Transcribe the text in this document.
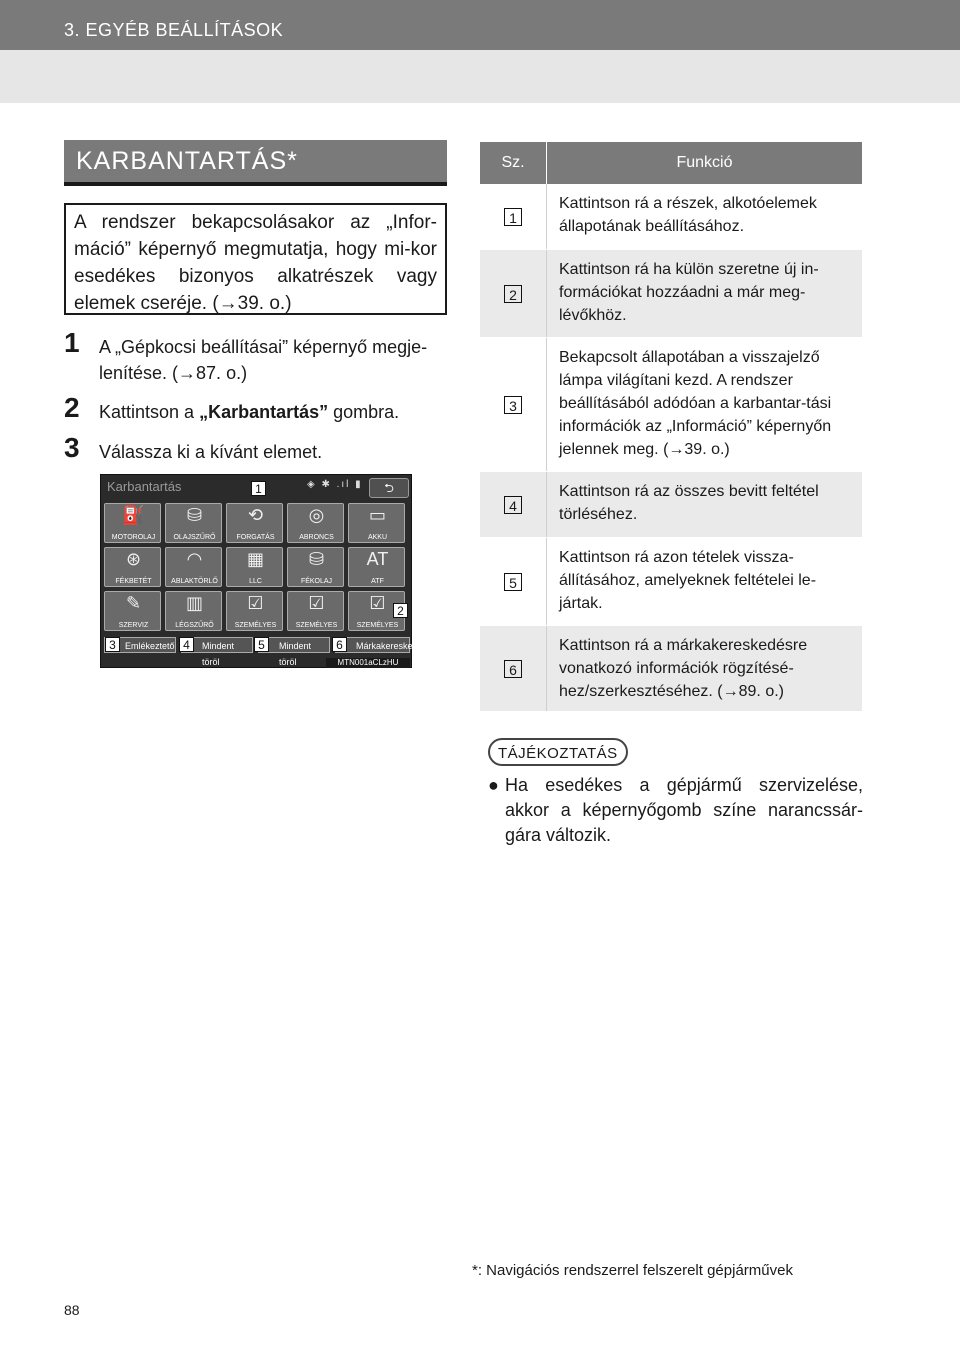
3. EGYÉB BEÁLLÍTÁSOK
KARBANTARTÁS*
A rendszer bekapcsolásakor az „Infor-máció” képernyő megmutatja, hogy mi-kor esedékes bizonyos alkatrészek vagy elemek cseréje. (→39. o.)
1 A „Gépkocsi beállításai” képernyő megje-lenítése. (→87. o.)
2 Kattintson a „Karbantartás” gombra.
3 Válassza ki a kívánt elemet.
Karbantartás	◈ ✱ .ıl ▮	⮌
⛽
MOTOROLAJ
⛁
OLAJSZŰRŐ
⟲
FORGATÁS
◎
ABRONCS
▭
AKKU
⊛
FÉKBETÉT
◠
ABLAKTÖRLŐ
▦
LLC
⛁
FÉKOLAJ
AT
ATF
✎
SZERVIZ
▥
LÉGSZŰRŐ
☑
SZEMÉLYES
☑
SZEMÉLYES
☑
SZEMÉLYES
Emlékeztető	Mindent töröl
Mindent töröl
Márkakereskedő
1
2
3	4	5	6
MTN001aCLzHU
Sz.	Funkció
1
Kattintson rá a részek, alkotóelemek állapotának beállításához.
2
Kattintson rá ha külön szeretne új in-formációkat hozzáadni a már meg-lévőkhöz.
3
Bekapcsolt állapotában a visszajelző lámpa világítani kezd. A rendszer beállításából adódóan a karbantar-tási információk az „Információ” képernyőn jelennek meg. (→39. o.)
4
Kattintson rá az összes bevitt feltétel törléséhez.
5
Kattintson rá azon tételek vissza-állításához, amelyeknek feltételei le-jártak.
6
Kattintson rá a márkakereskedésre vonatkozó információk rögzítésé-hez/szerkesztéséhez. (→89. o.)
TÁJÉKOZTATÁS
● Ha esedékes a gépjármű szervizelése, akkor a képernyőgomb színe narancssár-gára változik.
*: Navigációs rendszerrel felszerelt gépjárművek
88
